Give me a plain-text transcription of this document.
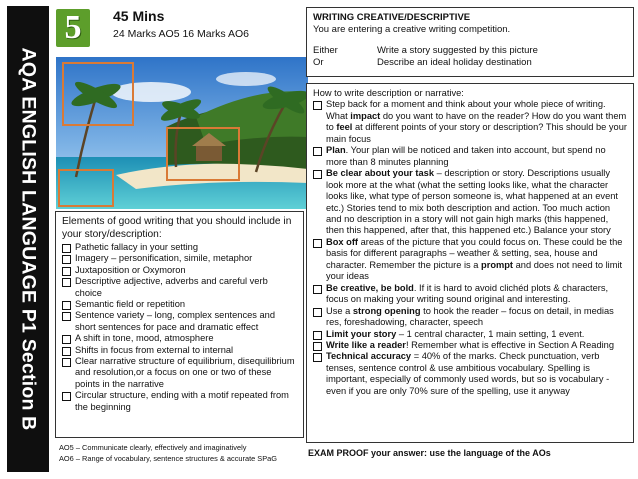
AQA ENGLISH LANGUAGE P1 Section B
5 45 Mins
24 Marks AO5 16 Marks AO6
Elements of good writing that you should include in your story/description:
Pathetic fallacy in your setting
Imagery – personification, simile, metaphor
Juxtaposition or Oxymoron
Descriptive adjective, adverbs and careful verb choice
Semantic field or repetition
Sentence variety – long, complex sentences and short sentences for pace and dramatic effect
A shift in tone, mood, atmosphere
Shifts in focus from external to internal
Clear narrative structure of equilibrium, disequilibrium and resolution,or a focus on one or two of these points in the narrative
Circular structure, ending with a motif repeated from the beginning
AO5 – Communicate clearly, effectively and imaginatively
AO6 – Range of vocabulary, sentence structures & accurate SPaG
WRITING CREATIVE/DESCRIPTIVE
You are entering a creative writing competition.
Either	Write a story suggested by this picture
Or	Describe an ideal holiday destination
How to write description or narrative:
Step back for a moment and think about your whole piece of writing. What impact do you want to have on the reader? How do you want them to feel at different points of your story or description? This should be your main focus
Plan. Your plan will be noticed and taken into account, but spend no more than 8 minutes planning
Be clear about your task – description or story. Descriptions usually look more at the what (what the setting looks like, what the character looks like, what type of person someone is, what happened at an event etc.) Stories tend to mix both description and action. Too much action and no description in a story will not gain high marks (this happened, then this happened, after that, this happened etc.) Balance your story
Box off areas of the picture that you could focus on. These could be the basis for different paragraphs – weather & setting, sea, house and character. Remember the picture is a prompt and does not need to limit your ideas
Be creative, be bold. If it is hard to avoid clichéd plots & characters, focus on making your writing sound original and interesting.
Use a strong opening to hook the reader – focus on detail, in medias res, foreshadowing, character, speech
Limit your story – 1 central character, 1 main setting, 1 event.
Write like a reader! Remember what is effective in Section A Reading
Technical accuracy = 40% of the marks. Check punctuation, verb tenses, sentence control & use ambitious vocabulary. Spelling is important, especially of commonly used words, but so is vocabulary - even if you are only 70% sure of the spelling, use it anyway
EXAM PROOF your answer: use the language of the AOs
